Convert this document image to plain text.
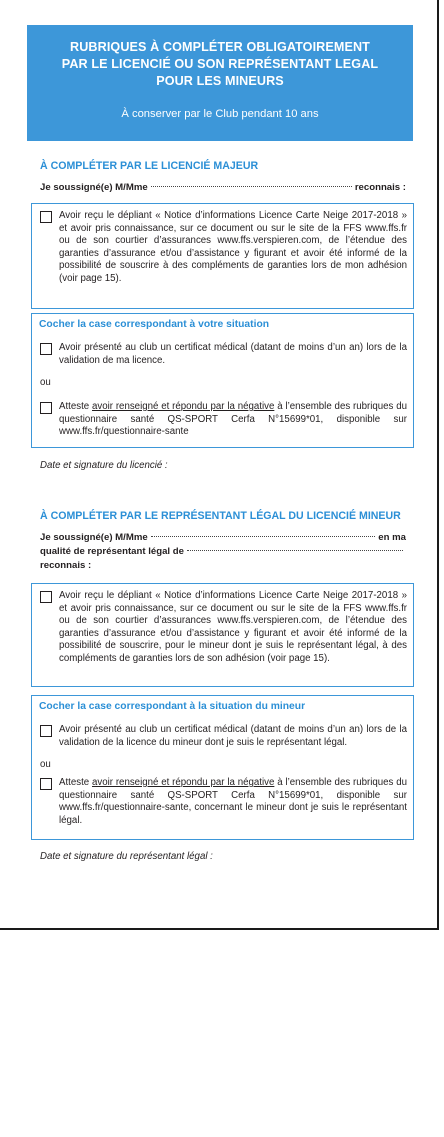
RUBRIQUES À COMPLÉTER OBLIGATOIREMENT
PAR LE LICENCIÉ OU SON REPRÉSENTANT LEGAL
POUR LES MINEURS
À conserver par le Club pendant 10 ans
À COMPLÉTER PAR LE LICENCIÉ MAJEUR
Je soussigné(e) M/Mme	reconnais :
Avoir reçu le dépliant « Notice d’informations Licence Carte Neige 2017-2018 » et avoir pris connaissance, sur ce document ou sur le site de la FFS www.ffs.fr ou de son courtier d’assurances www.ffs.verspieren.com, de l’étendue des garanties d’assurance et/ou d’assistance y figurant et avoir été informé de la possibilité de souscrire à des compléments de garanties lors de mon adhésion (voir page 15).
Cocher la case correspondant à votre situation
Avoir présenté au club un certificat médical (datant de moins d’un an) lors de la validation de ma licence.
ou
Atteste avoir renseigné et répondu par la négative à l’ensemble des rubriques du questionnaire santé QS-SPORT Cerfa N°15699*01, disponible sur www.ffs.fr/questionnaire-sante
Date et signature du licencié :
À COMPLÉTER PAR LE REPRÉSENTANT LÉGAL DU LICENCIÉ MINEUR
Je soussigné(e) M/Mme	en ma
qualité de représentant légal de
reconnais :
Avoir reçu le dépliant « Notice d’informations Licence Carte Neige 2017-2018 » et avoir pris connaissance, sur ce document ou sur le site de la FFS www.ffs.fr ou de son courtier d’assurances www.ffs.verspieren.com, de l’étendue des garanties d’assurance et/ou d’assistance y figurant et avoir été informé de la possibilité de souscrire, pour le mineur dont je suis le représentant légal, à des compléments de garanties lors de son adhésion (voir page 15).
Cocher la case correspondant à la situation du mineur
Avoir présenté au club un certificat médical (datant de moins d’un an) lors de la validation de la licence du mineur dont je suis le représentant légal.
ou
Atteste avoir renseigné et répondu par la négative à l’ensemble des rubriques du questionnaire santé QS-SPORT Cerfa N°15699*01, disponible sur www.ffs.fr/questionnaire-sante, concernant le mineur dont je suis le représentant légal.
Date et signature du représentant légal :
